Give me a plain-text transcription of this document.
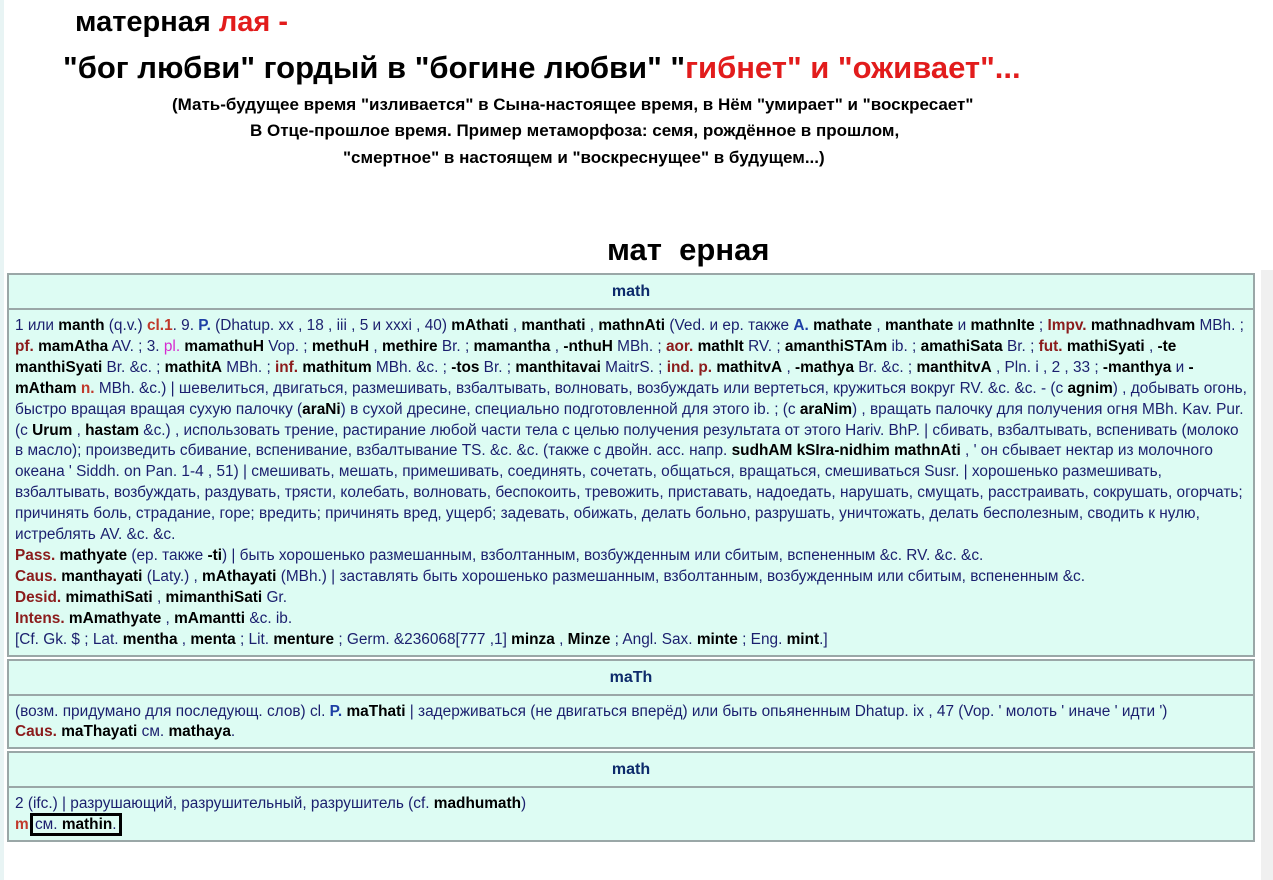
матерная лая -
"бог любви" гордый в "богине любви" "гибнет" и "оживает"...
(Мать-будущее время "изливается" в Сына-настоящее время, в Нём "умирает" и "воскресает"
В Отце-прошлое время. Пример метаморфоза: семя, рождённое в прошлом,
"смертное" в настоящем и "воскреснущее" в будущем...)
мат  ерная
math
1 или manth (q.v.) cl.1. 9. P. (Dhatup. xx , 18 , iii , 5 и xxxi , 40) mAthati , manthati , mathnAti (Ved. и ер. также A. mathate , manthate и mathnIte ; Impv. mathnadhvam MBh. ; pf. mamAtha AV. ; 3. pl. mamathuH Vop. ; methuH , methire Br. ; mamantha , -nthuH MBh. ; aor. mathIt RV. ; amanthiSTAm ib. ; amathiSata Br. ; fut. mathiSyati , -te manthiSyati Br. &c. ; mathitA MBh. ; inf. mathitum MBh. &c. ; -tos Br. ; manthitavai MaitrS. ; ind. p. mathitvA , -mathya Br. &c. ; manthitvA , Pln. i , 2 , 33 ; -manthya и -mAtham n. MBh. &c.) | шевелиться, двигаться, размешивать, взбалтывать, волновать, возбуждать или вертеться, кружиться вокруг RV. &c. &c. - (с agnim) , добывать огонь, быстро вращая вращая сухую палочку (araNi) в сухой дресине, специально подготовленной для этого ib. ; (с araNim) , вращать палочку для получения огня MBh. Kav. Pur. (с Urum , hastam &c.) , использовать трение, растирание любой части тела с целью получения результата от этого Hariv. BhP. | сбивать, взбалтывать, вспенивать (молоко в масло); произведить сбивание, вспенивание, взбалтывание TS. &c. &c. (также с двойн. acc. напр. sudhAM kSIra-nidhim mathnAti , ' он сбывает нектар из молочного океана ' Siddh. on Pan. 1-4 , 51) | смешивать, мешать, примешивать, соединять, сочетать, общаться, вращаться, смешиваться Susr. | хорошенько размешивать, взбалтывать, возбуждать, раздувать, трясти, колебать, волновать, беспокоить, тревожить, приставать, надоедать, нарушать, смущать, расстраивать, сокрушать, огорчать; причинять боль, страдание, горе; вредить; причинять вред, ущерб; задевать, обижать, делать больно, разрушать, уничтожать, делать бесполезным, сводить к нулю, истреблять AV. &c. &c.
Pass. mathyate (ер. также -ti) | быть хорошенько размешанным, взболтанным, возбужденным или сбитым, вспененным &c. RV. &c. &c.
Caus. manthayati (Laty.) , mAthayati (MBh.) | заставлять быть хорошенько размешанным, взболтанным, возбужденным или сбитым, вспененным &c.
Desid. mimathiSati , mimanthiSati Gr.
Intens. mAmathyate , mAmantti &c. ib.
[Cf. Gk. $ ; Lat. mentha , menta ; Lit. menture ; Germ. &236068[777 ,1] minza , Minze ; Angl. Sax. minte ; Eng. mint.]
maTh
(возм. придумано для последующ. слов) cl. P. maThati | задерживаться (не двигаться вперёд) или быть опьяненным Dhatup. ix , 47 (Vop. ' молоть ' иначе ' идти ')
Caus. maThayati см. mathaya.
math
2 (ifc.) | разрушающий, разрушительный, разрушитель (cf. madhumath)
m см. mathin.
